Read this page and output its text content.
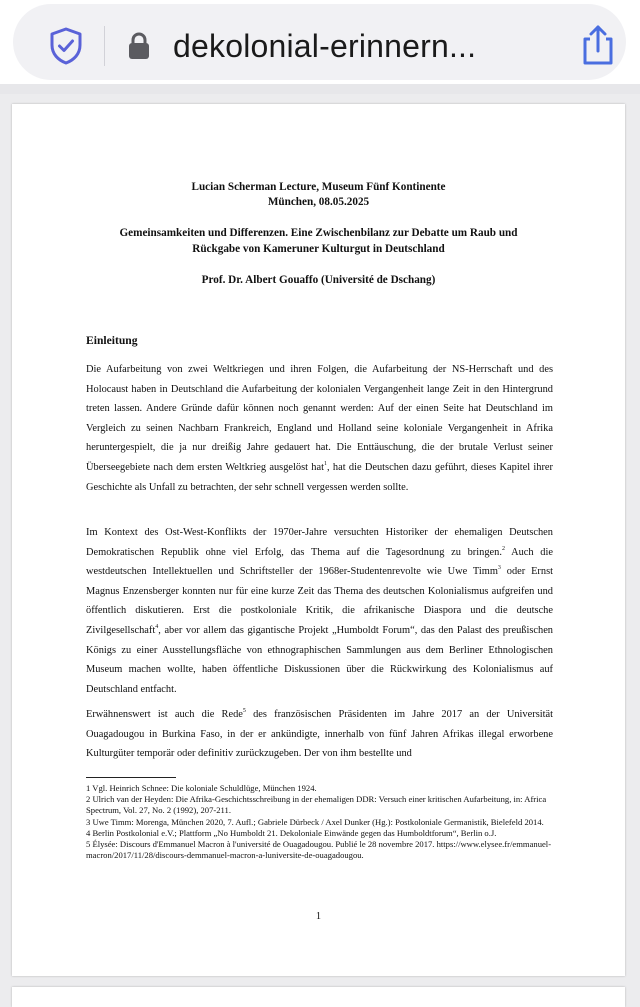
dekolonial-erinnern...
Lucian Scherman Lecture, Museum Fünf Kontinente
München, 08.05.2025
Gemeinsamkeiten und Differenzen. Eine Zwischenbilanz zur Debatte um Raub und
Rückgabe von Kameruner Kulturgut in Deutschland
Prof. Dr. Albert Gouaffo (Université de Dschang)
Einleitung

Die Aufarbeitung von zwei Weltkriegen und ihren Folgen, die Aufarbeitung der NS-Herrschaft und des Holocaust haben in Deutschland die Aufarbeitung der kolonialen Vergangenheit lange Zeit in den Hintergrund treten lassen. Andere Gründe dafür können noch genannt werden: Auf der einen Seite hat Deutschland im Vergleich zu seinen Nachbarn Frankreich, England und Holland seine koloniale Vergangenheit in Afrika heruntergespielt, die ja nur dreißig Jahre gedauert hat. Die Enttäuschung, die der brutale Verlust seiner Überseegebiete nach dem ersten Weltkrieg ausgelöst hat$^1$, hat die Deutschen dazu geführt, dieses Kapitel ihrer Geschichte als Unfall zu betrachten, der sehr schnell vergessen werden sollte.

Im Kontext des Ost-West-Konflikts der 1970er-Jahre versuchten Historiker der ehemaligen Deutschen Demokratischen Republik ohne viel Erfolg, das Thema auf die Tagesordnung zu bringen.$^2$ Auch die westdeutschen Intellektuellen und Schriftsteller der 1968er-Studentenrevolte wie Uwe Timm$^3$ oder Ernst Magnus Enzensberger konnten nur für eine kurze Zeit das Thema des deutschen Kolonialismus aufgreifen und öffentlich diskutieren. Erst die postkoloniale Kritik, die afrikanische Diaspora und die deutsche Zivilgesellschaft$^4$, aber vor allem das gigantische Projekt „Humboldt Forum“, das den Palast des preußischen Königs zu einer Ausstellungsfläche von ethnographischen Sammlungen aus dem Berliner Ethnologischen Museum machen wollte, haben öffentliche Diskussionen über die Rückwirkung des Kolonialismus auf Deutschland entfacht.

Erwähnenswert ist auch die Rede$^5$ des französischen Präsidenten im Jahre 2017 an der Universität Ouagadougou in Burkina Faso, in der er ankündigte, innerhalb von fünf Jahren Afrikas illegal erworbene Kulturgüter temporär oder definitiv zurückzugeben. Der von ihm bestellte und

1 Vgl. Heinrich Schnee: Die koloniale Schuldlüge, München 1924.

2 Ulrich van der Heyden: Die Afrika-Geschichtsschreibung in der ehemaligen DDR: Versuch einer kritischen Aufarbeitung, in: Africa Spectrum, Vol. 27, No. 2 (1992), 207-211.

3 Uwe Timm: Morenga, München 2020, 7. Aufl.; Gabriele Dürbeck / Axel Dunker (Hg.): Postkoloniale Germanistik, Bielefeld 2014.

4 Berlin Postkolonial e.V.; Plattform „No Humboldt 21. Dekoloniale Einwände gegen das Humboldtforum“, Berlin o.J.

5 Élysée: Discours d'Emmanuel Macron à l'université de Ouagadougou. Publié le 28 novembre 2017. https://www.elysee.fr/emmanuel-macron/2017/11/28/discours-demmanuel-macron-a-luniversite-de-ouagadougou.

1
